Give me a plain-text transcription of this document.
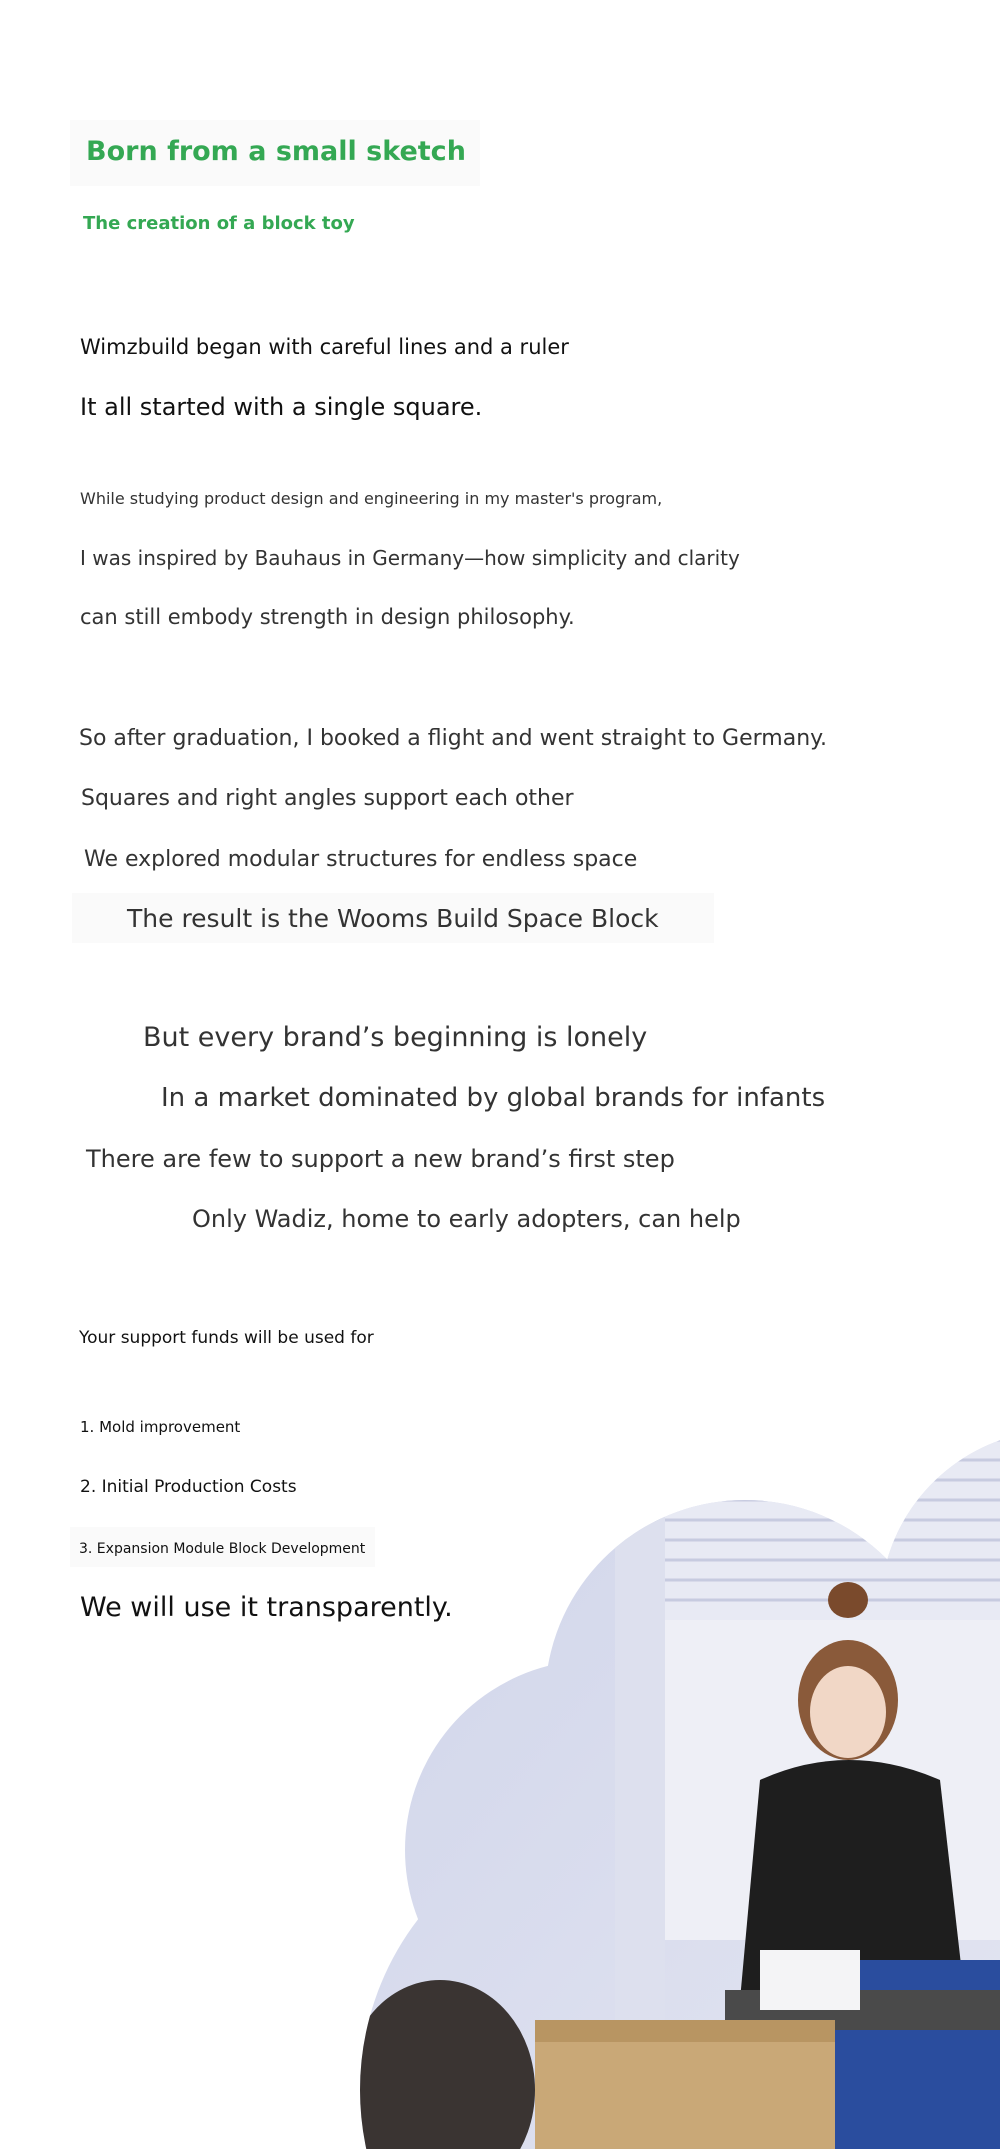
Born from a small sketch
The creation of a block toy

Wimzbuild began with careful lines and a ruler

It all started with a single square.

While studying product design and engineering in my master's program,

I was inspired by Bauhaus in Germany—how simplicity and clarity

can still embody strength in design philosophy.

So after graduation, I booked a flight and went straight to Germany.

Squares and right angles support each other

We explored modular structures for endless space

The result is the Wooms Build Space Block

But every brand’s beginning is lonely

In a market dominated by global brands for infants

There are few to support a new brand’s first step

Only Wadiz, home to early adopters, can help

Your support funds will be used for

1. Mold improvement

2. Initial Production Costs

3. Expansion Module Block Development

We will use it transparently.
